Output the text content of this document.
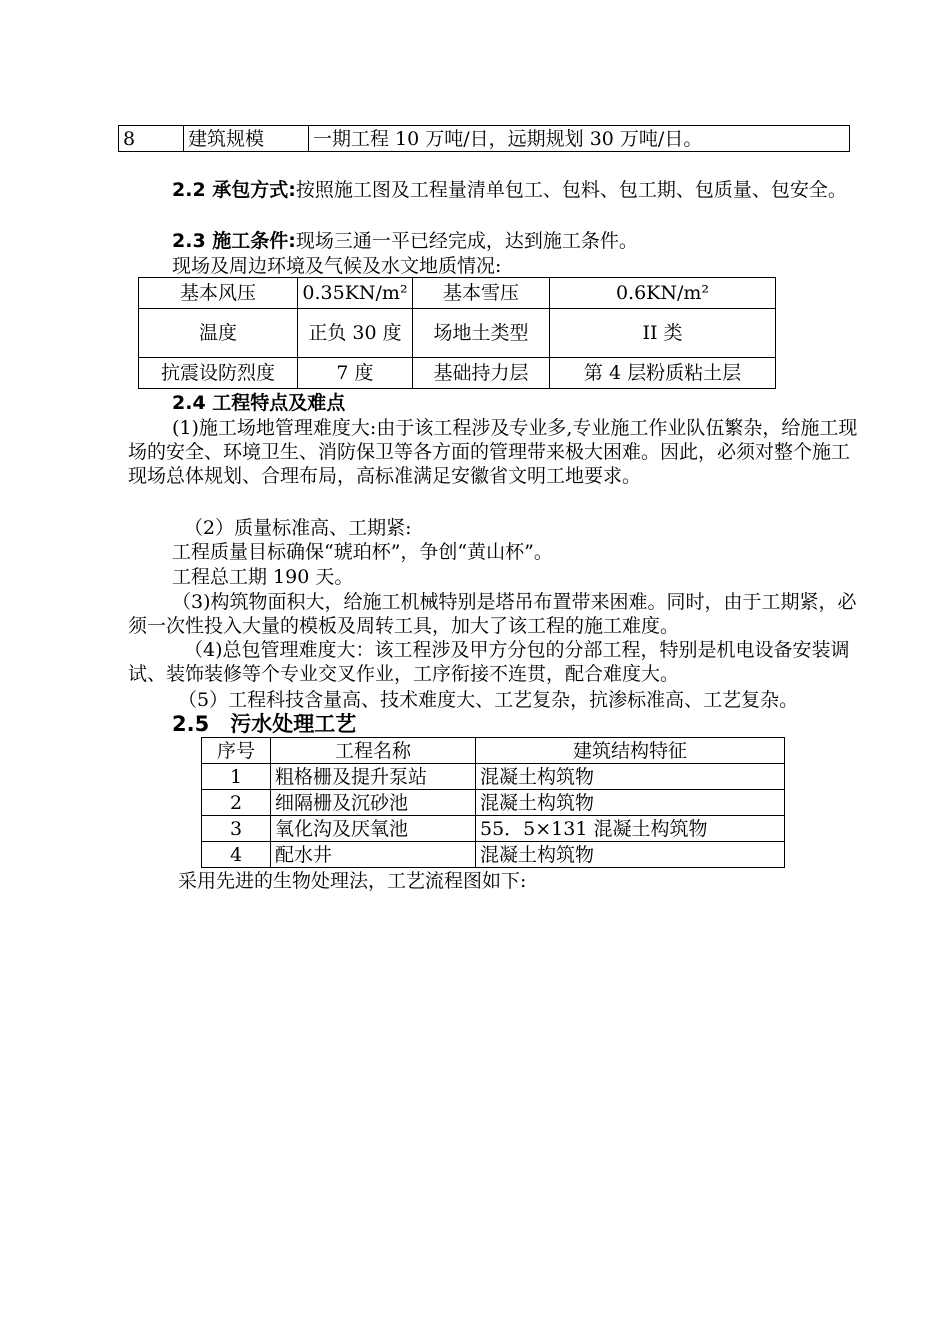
8	建筑规模	一期工程 10 万吨/日，远期规划 30 万吨/日。

2.2 承包方式:按照施工图及工程量清单包工、包料、包工期、包质量、包安全。

2.3 施工条件:现场三通一平已经完成，达到施工条件。

现场及周边环境及气候及水文地质情况:

基本风压	0.35KN/m²	基本雪压	0.6KN/m²
温度	正负 30 度	场地土类型	II 类
抗震设防烈度	7 度	基础持力层	第 4 层粉质粘土层

2.4 工程特点及难点

(1)施工场地管理难度大:由于该工程涉及专业多,专业施工作业队伍繁杂，给施工现场的安全、环境卫生、消防保卫等各方面的管理带来极大困难。因此，必须对整个施工现场总体规划、合理布局，高标准满足安徽省文明工地要求。

（2）质量标准高、工期紧:

工程质量目标确保“琥珀杯”，争创“黄山杯”。

工程总工期 190 天。

（3)构筑物面积大，给施工机械特别是塔吊布置带来困难。同时，由于工期紧，必须一次性投入大量的模板及周转工具，加大了该工程的施工难度。

（4)总包管理难度大：该工程涉及甲方分包的分部工程，特别是机电设备安装调试、装饰装修等个专业交叉作业，工序衔接不连贯，配合难度大。

（5）工程科技含量高、技术难度大、工艺复杂，抗渗标准高、工艺复杂。

2.5　污水处理工艺

序号	工程名称	建筑结构特征
1	粗格栅及提升泵站	混凝土构筑物
2	细隔栅及沉砂池	混凝土构筑物
3	氧化沟及厌氧池	55．5×131 混凝土构筑物
4	配水井	混凝土构筑物

采用先进的生物处理法，工艺流程图如下:
